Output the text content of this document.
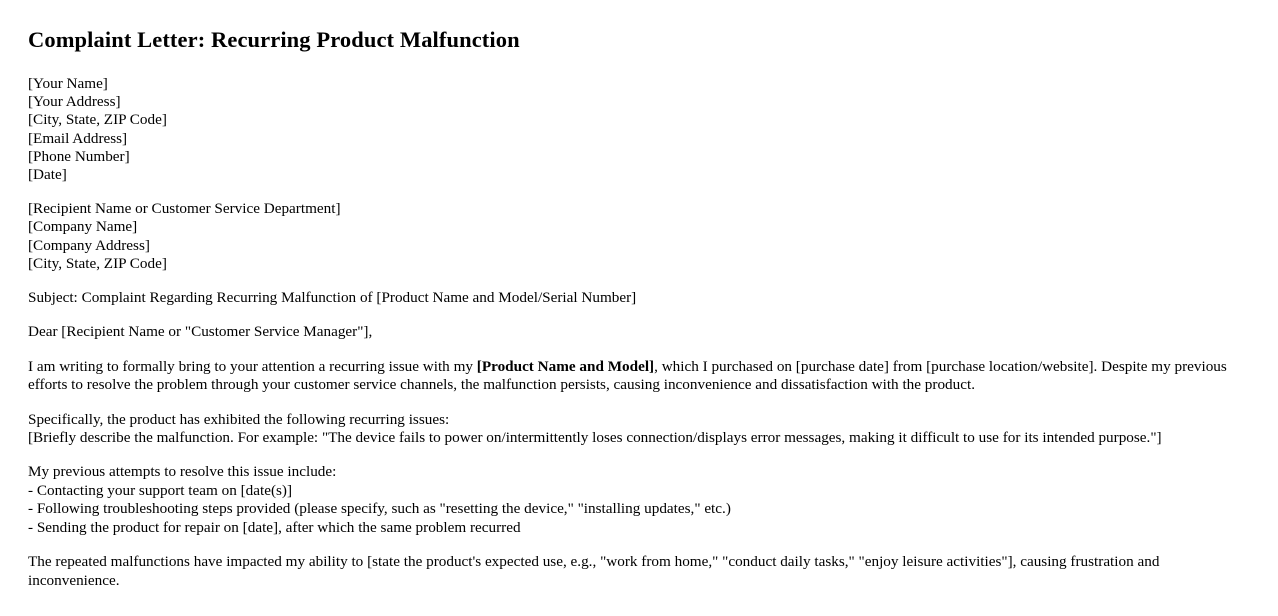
Complaint Letter: Recurring Product Malfunction
[Your Name]
[Your Address]
[City, State, ZIP Code]
[Email Address]
[Phone Number]
[Date]
[Recipient Name or Customer Service Department]
[Company Name]
[Company Address]
[City, State, ZIP Code]
Subject: Complaint Regarding Recurring Malfunction of [Product Name and Model/Serial Number]
Dear [Recipient Name or "Customer Service Manager"],
I am writing to formally bring to your attention a recurring issue with my [Product Name and Model], which I purchased on [purchase date] from [purchase location/website]. Despite my previous efforts to resolve the problem through your customer service channels, the malfunction persists, causing inconvenience and dissatisfaction with the product.
Specifically, the product has exhibited the following recurring issues:
[Briefly describe the malfunction. For example: "The device fails to power on/intermittently loses connection/displays error messages, making it difficult to use for its intended purpose."]
My previous attempts to resolve this issue include:
- Contacting your support team on [date(s)]
- Following troubleshooting steps provided (please specify, such as "resetting the device," "installing updates," etc.)
- Sending the product for repair on [date], after which the same problem recurred
The repeated malfunctions have impacted my ability to [state the product's expected use, e.g., "work from home," "conduct daily tasks," "enjoy leisure activities"], causing frustration and inconvenience.
